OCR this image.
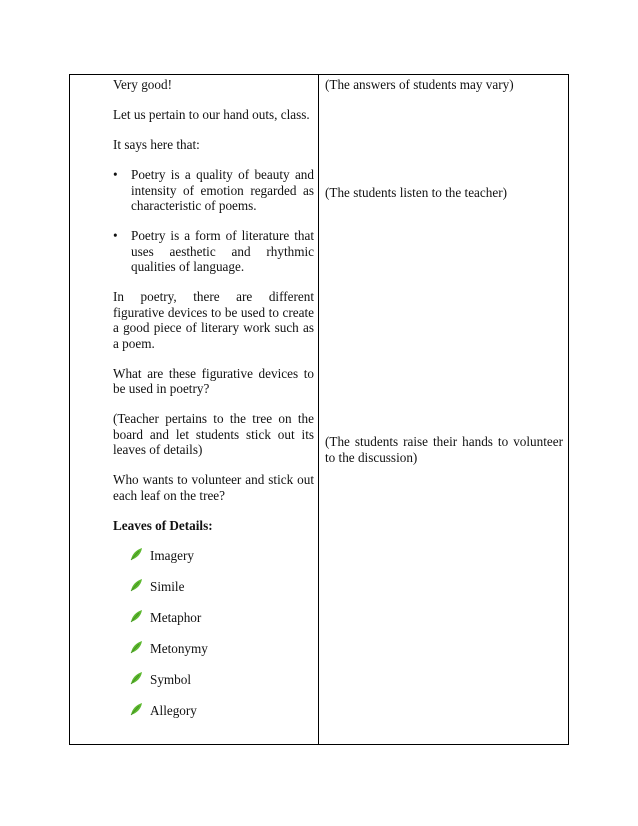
Very good!

Let us pertain to our hand outs, class.

It says here that:

• Poetry is a quality of beauty and intensity of emotion regarded as characteristic of poems.
• Poetry is a form of literature that uses aesthetic and rhythmic qualities of language.

In poetry, there are different figurative devices to be used to create a good piece of literary work such as a poem.

What are these figurative devices to be used in poetry?

(Teacher pertains to the tree on the board and let students stick out its leaves of details)

Who wants to volunteer and stick out each leaf on the tree?

Leaves of Details:

Imagery
Simile
Metaphor
Metonymy
Symbol
Allegory

(The answers of students may vary)

(The students listen to the teacher)

(The students raise their hands to volunteer to the discussion)
